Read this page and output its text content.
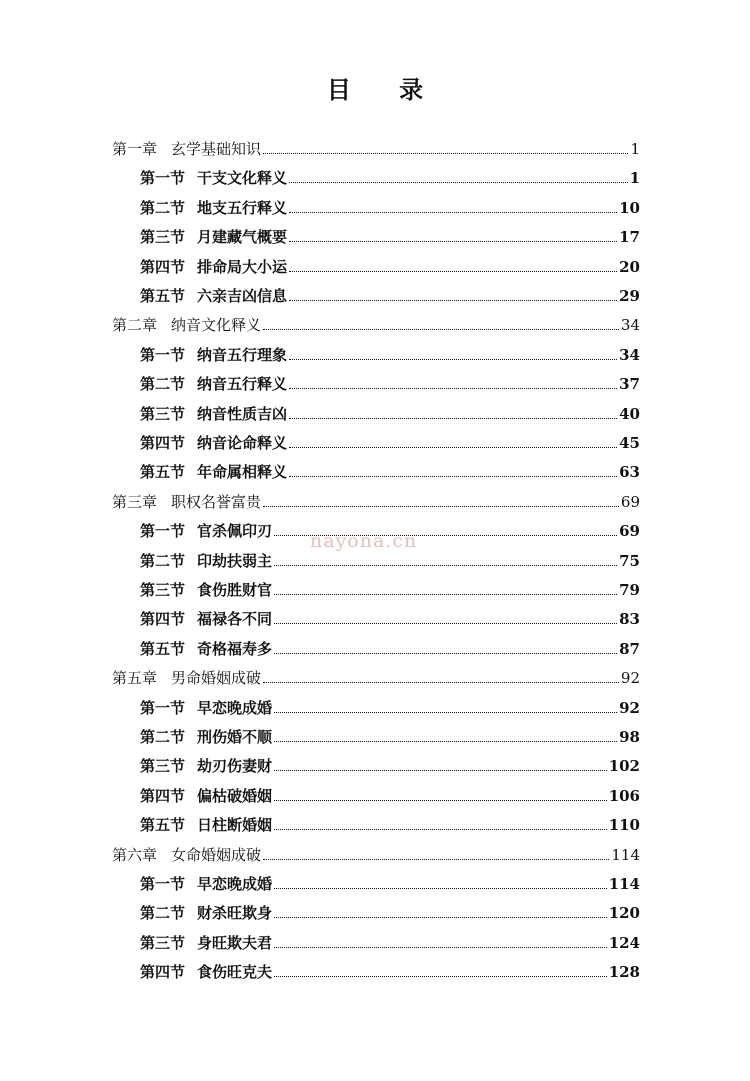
目 录
第一章 玄学基础知识	1
第一节 干支文化释义	1
第二节 地支五行释义	10
第三节 月建藏气概要	17
第四节 排命局大小运	20
第五节 六亲吉凶信息	29
第二章 纳音文化释义	34
第一节 纳音五行理象	34
第二节 纳音五行释义	37
第三节 纳音性质吉凶	40
第四节 纳音论命释义	45
第五节 年命属相释义	63
第三章 职权名誉富贵	69
第一节 官杀佩印刃	69
第二节 印劫扶弱主	75
第三节 食伤胜财官	79
第四节 福禄各不同	83
第五节 奇格福寿多	87
第五章 男命婚姻成破	92
第一节 早恋晚成婚	92
第二节 刑伤婚不顺	98
第三节 劫刃伤妻财	102
第四节 偏枯破婚姻	106
第五节 日柱断婚姻	110
第六章 女命婚姻成破	114
第一节 早恋晚成婚	114
第二节 财杀旺欺身	120
第三节 身旺欺夫君	124
第四节 食伤旺克夫	128
nayona.cn
